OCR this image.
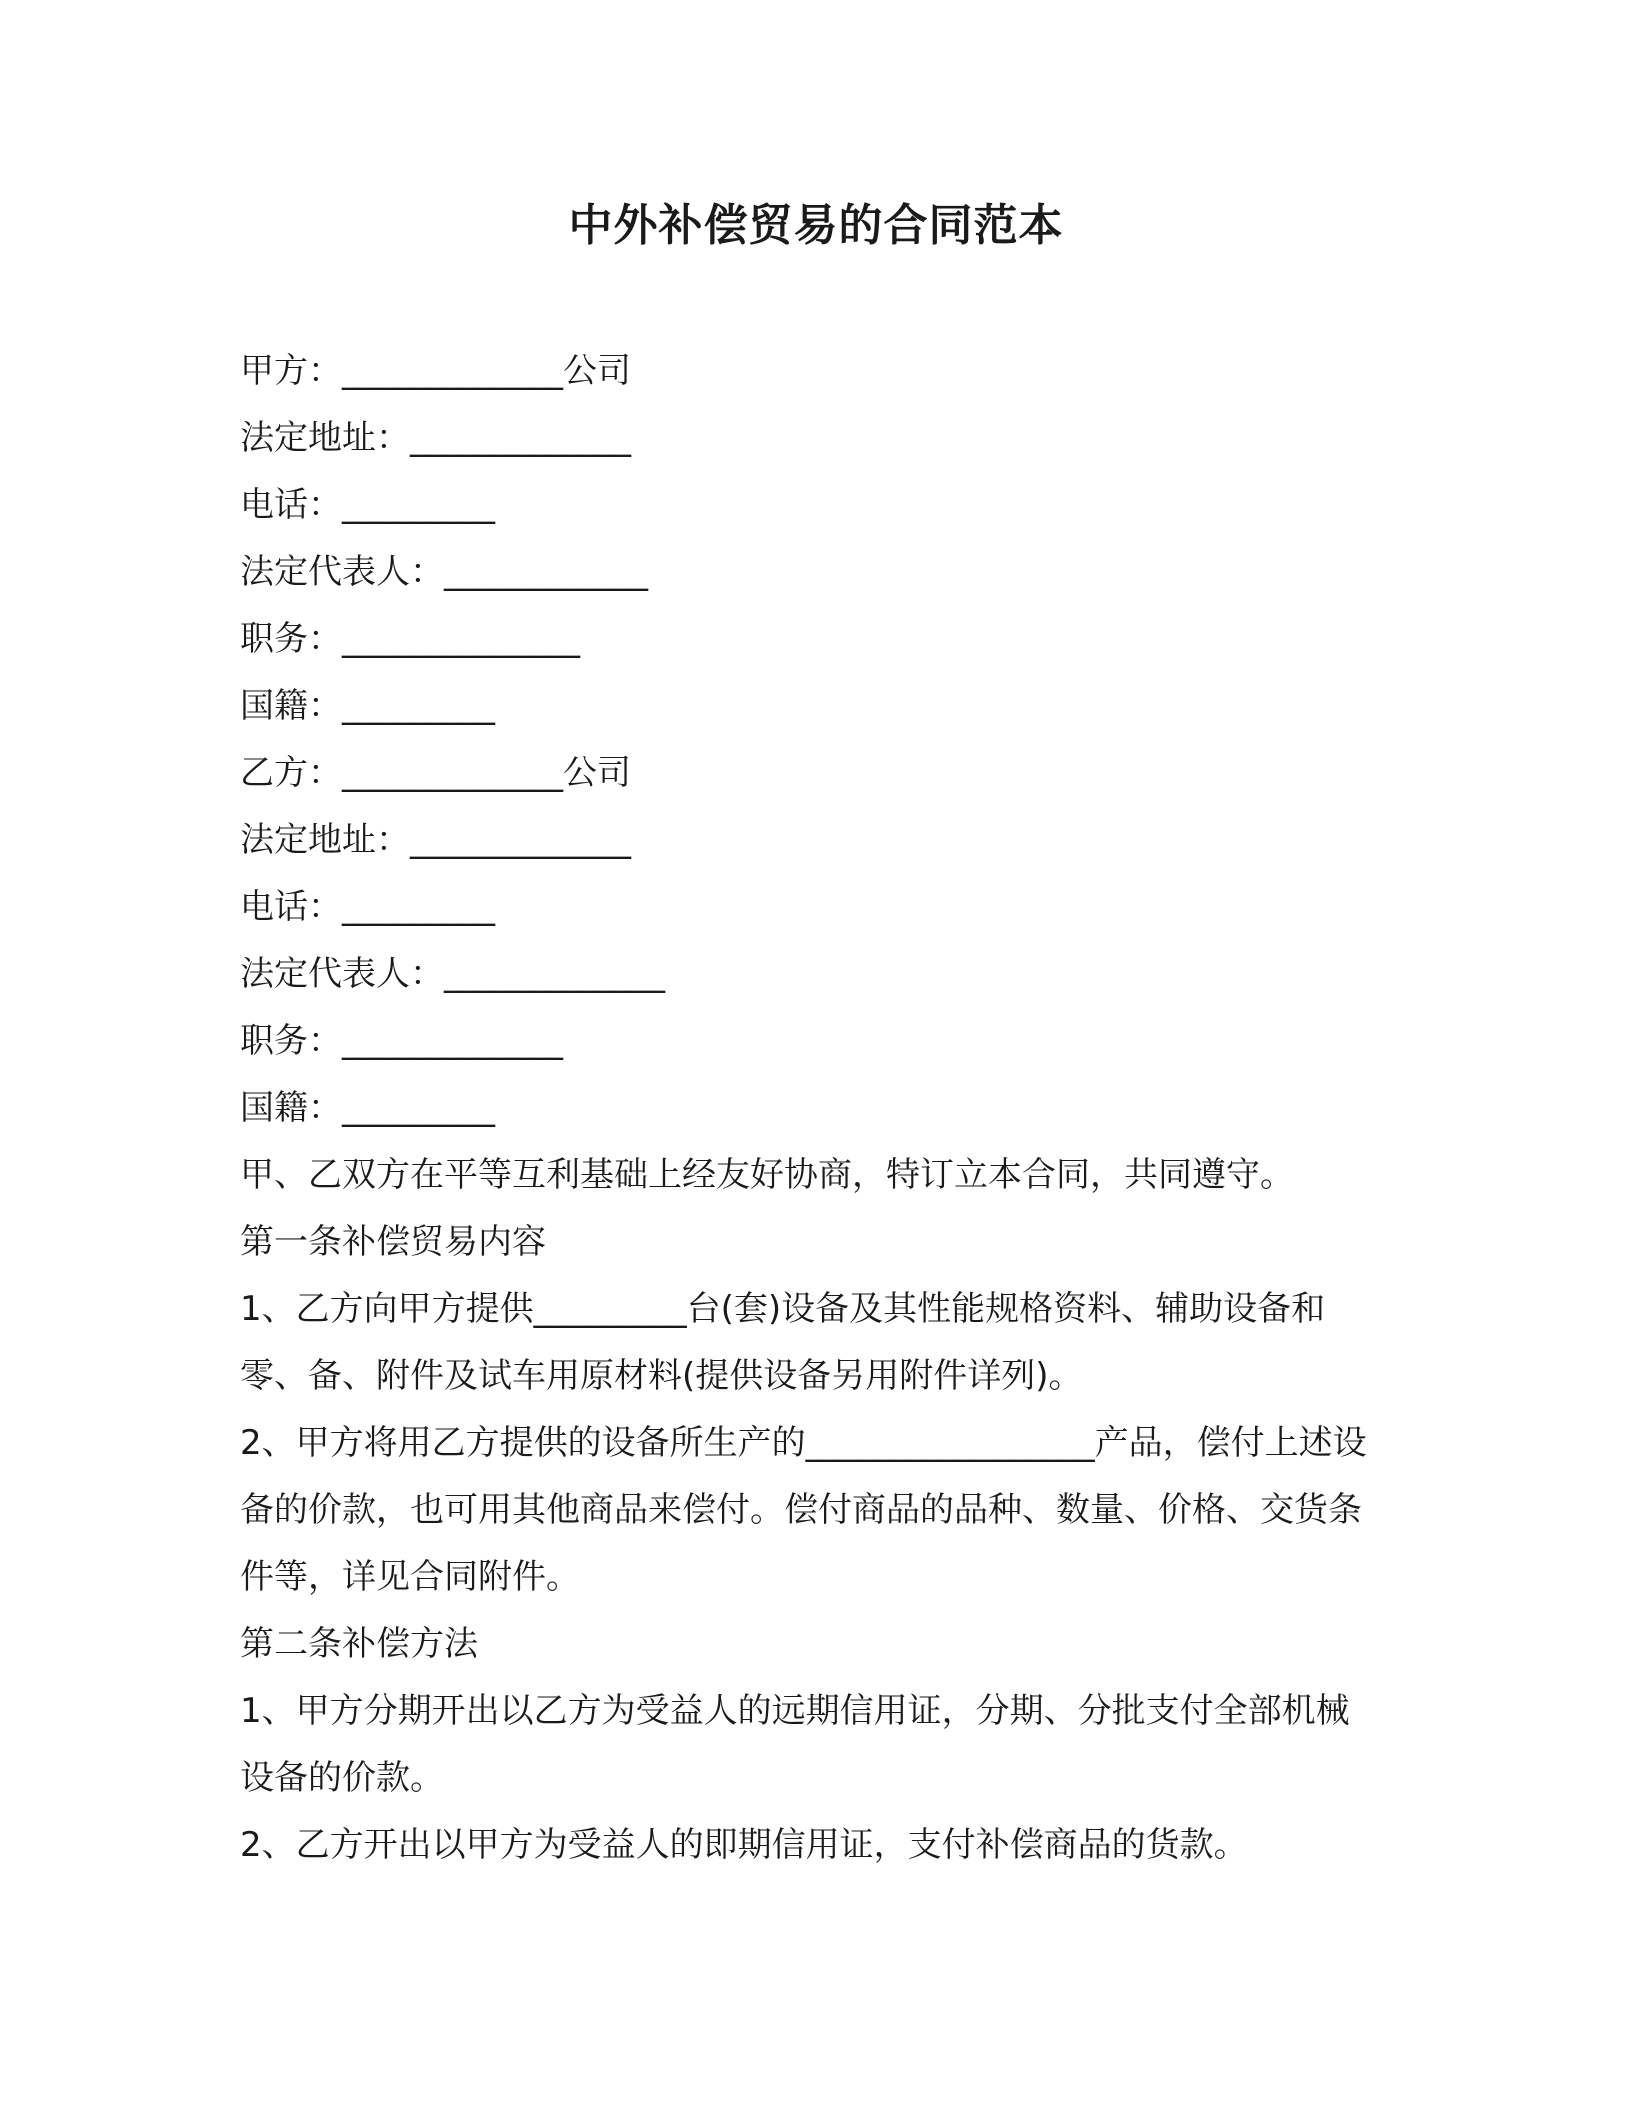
中外补偿贸易的合同范本

甲方：_____________公司

法定地址：_____________

电话：_________

法定代表人：____________

职务：______________

国籍：_________

乙方：_____________公司

法定地址：_____________

电话：_________

法定代表人：_____________

职务：_____________

国籍：_________

甲、乙双方在平等互利基础上经友好协商，特订立本合同，共同遵守。

第一条补偿贸易内容

1、乙方向甲方提供_________台(套)设备及其性能规格资料、辅助设备和零、备、附件及试车用原材料(提供设备另用附件详列)。

2、甲方将用乙方提供的设备所生产的_________________产品，偿付上述设备的价款，也可用其他商品来偿付。偿付商品的品种、数量、价格、交货条件等，详见合同附件。

第二条补偿方法

1、甲方分期开出以乙方为受益人的远期信用证，分期、分批支付全部机械设备的价款。

2、乙方开出以甲方为受益人的即期信用证，支付补偿商品的货款。
